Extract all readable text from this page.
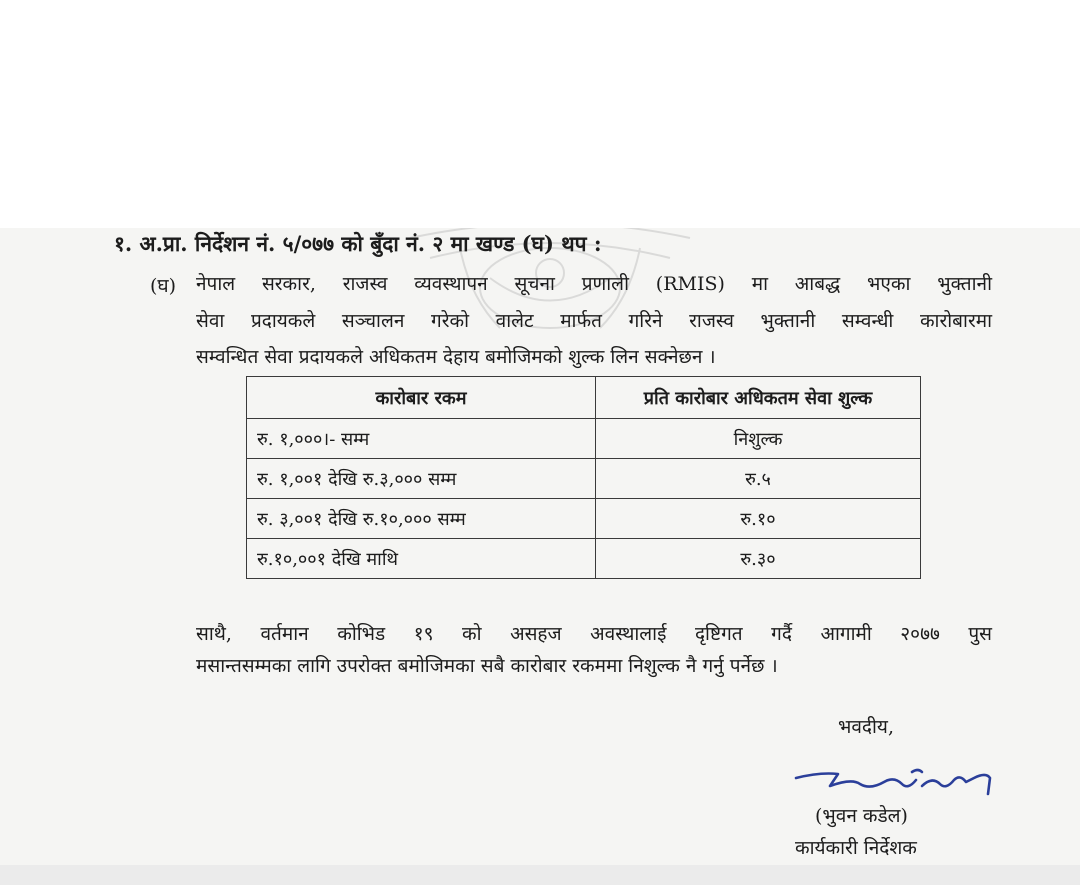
१. अ.प्रा. निर्देशन नं. ५/०७७ को बुँदा नं. २ मा खण्ड (घ) थप :
(घ) नेपाल सरकार, राजस्व व्यवस्थापन सूचना प्रणाली (RMIS) मा आबद्ध भएका भुक्तानी
सेवा प्रदायकले सञ्चालन गरेको वालेट मार्फत गरिने राजस्व भुक्तानी सम्वन्धी कारोबारमा
सम्वन्धित सेवा प्रदायकले अधिकतम देहाय बमोजिमको शुल्क लिन सक्नेछन ।
कारोबार रकम	प्रति कारोबार अधिकतम सेवा शुल्क
रु. १,०००।- सम्म	निशुल्क
रु. १,००१ देखि रु.३,००० सम्म	रु.५
रु. ३,००१ देखि रु.१०,००० सम्म	रु.१०
रु.१०,००१ देखि माथि	रु.३०
साथै, वर्तमान कोभिड १९ को असहज अवस्थालाई दृष्टिगत गर्दै आगामी २०७७ पुस
मसान्तसम्मका लागि उपरोक्त बमोजिमका सबै कारोबार रकममा निशुल्क नै गर्नु पर्नेछ ।
भवदीय,
(भुवन कडेल)
कार्यकारी निर्देशक
